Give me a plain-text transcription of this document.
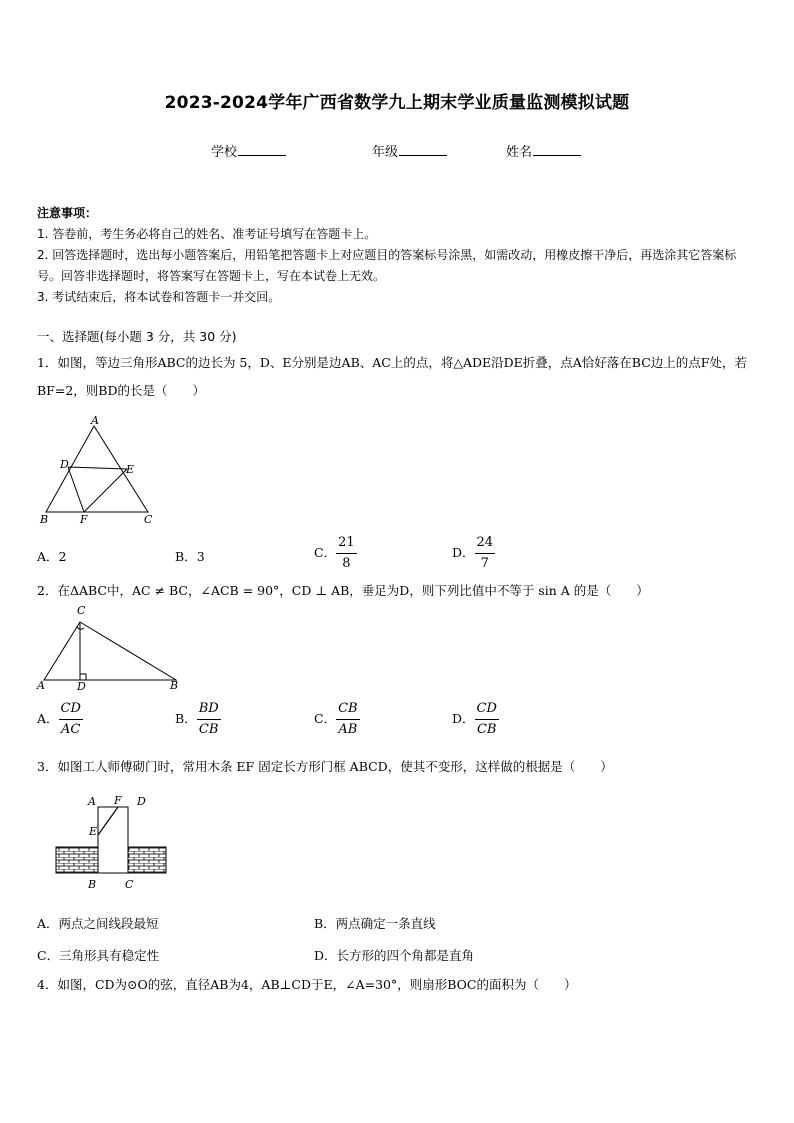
2023-2024学年广西省数学九上期末学业质量监测模拟试题
学校	年级	姓名

注意事项：

1. 答卷前，考生务必将自己的姓名、准考证号填写在答题卡上。

2. 回答选择题时，选出每小题答案后，用铅笔把答题卡上对应题目的答案标号涂黑，如需改动，用橡皮擦干净后，再选涂其它答案标号。回答非选择题时，将答案写在答题卡上，写在本试卷上无效。

3. 考试结束后，将本试卷和答题卡一并交回。

一、选择题(每小题 3 分，共 30 分)
1．如图，等边三角形ABC的边长为 5，D、E分别是边AB、AC上的点，将△ADE沿DE折叠，点A恰好落在BC边上的点F处，若BF=2，则BD的长是（　　）
A
B	C
D	E
F
A．2	B．3	C． $\frac{21}{8}$	D． $\frac{24}{7}$
2．在ΔABC中，AC ≠ BC，∠ACB = 90°，CD ⊥ AB，垂足为D，则下列比值中不等于 sin A 的是（　　）
C
A	D	B
A． $\frac{CD}{AC}$	B． $\frac{BD}{CB}$	C． $\frac{CB}{AB}$	D． $\frac{CD}{CB}$
3．如图工人师傅砌门时，常用木条 EF 固定长方形门框 ABCD，使其不变形，这样做的根据是（　　）
A F D
E
B	C
A．两点之间线段最短	B．两点确定一条直线
C．三角形具有稳定性	D．长方形的四个角都是直角
4．如图，CD为⊙O的弦，直径AB为4，AB⊥CD于E，∠A=30°，则扇形BOC的面积为（　　）
